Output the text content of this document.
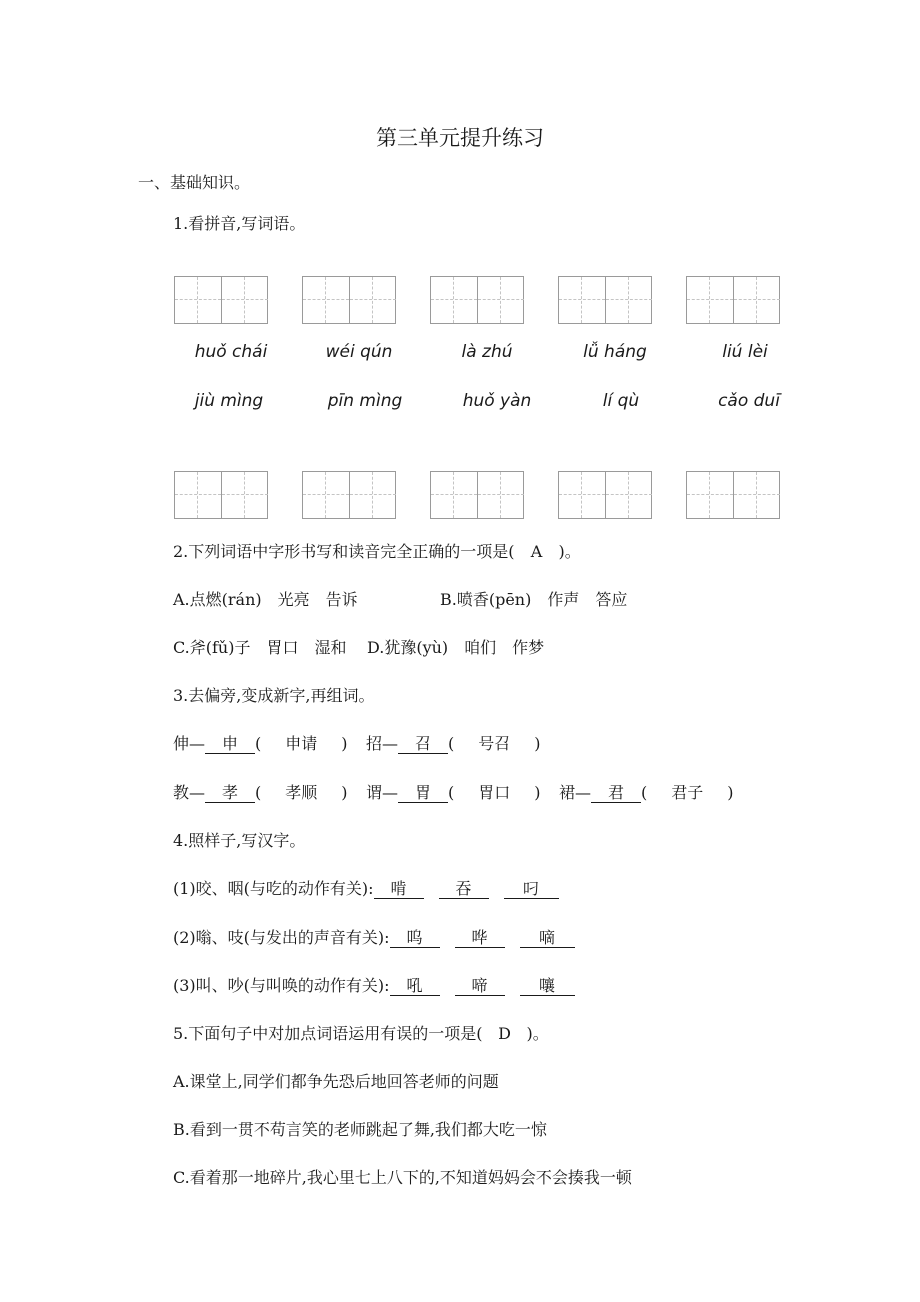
第三单元提升练习
一、基础知识。
1.看拼音,写词语。
huǒ chái	wéi qún	là zhú	lǚ háng	liú lèi
jiù mìng	pīn mìng	huǒ yàn	lí qù	cǎo duī
2.下列词语中字形书写和读音完全正确的一项是( A )。
A.点燃(rán)　光亮　告诉	B.喷香(pēn)　作声　答应
C.斧(fǔ)子　胃口　湿和 D.犹豫(yù)　咱们　作梦
3.去偏旁,变成新字,再组词。
伸— 申 (　申请　) 招— 召 (　号召　)
教— 孝 (　孝顺　) 谓— 胃 (　胃口　) 裙— 君 (　君子　)
4.照样子,写汉字。
(1)咬、咽(与吃的动作有关): 啃	吞	叼
(2)嗡、吱(与发出的声音有关): 呜	哗	嘀
(3)叫、吵(与叫唤的动作有关): 吼	啼	嚷
5.下面句子中对加点词语运用有误的一项是( D )。
A.课堂上,同学们都争先恐后地回答老师的问题
B.看到一贯不苟言笑的老师跳起了舞,我们都大吃一惊
C.看着那一地碎片,我心里七上八下的,不知道妈妈会不会揍我一顿
